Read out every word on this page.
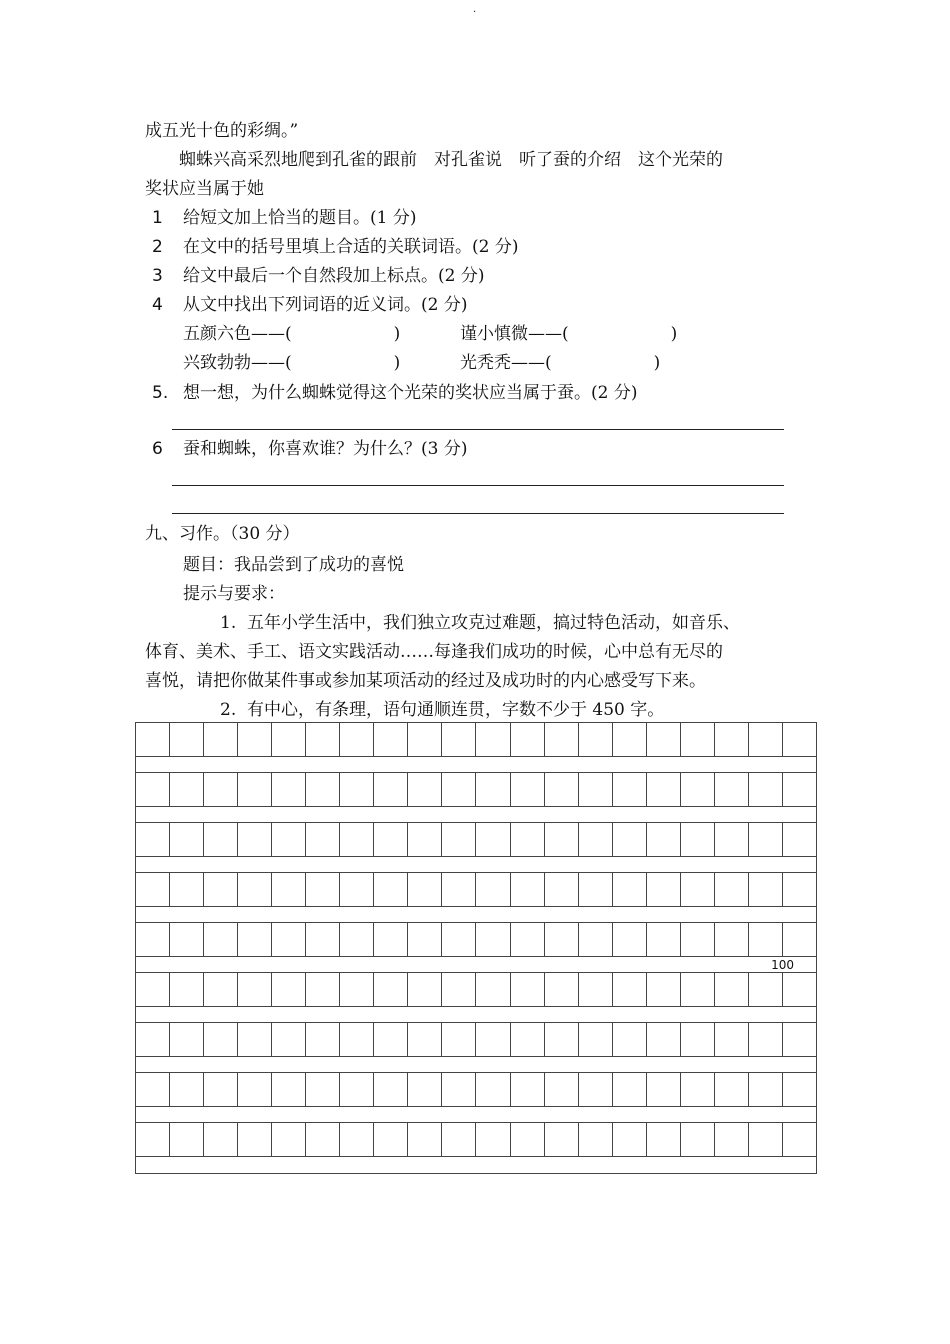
.
成五光十色的彩绸。”
　　蜘蛛兴高采烈地爬到孔雀的跟前　对孔雀说　听了蚕的介绍　这个光荣的
奖状应当属于她
1 给短文加上恰当的题目。(1 分)
2 在文中的括号里填上合适的关联词语。(2 分)
3 给文中最后一个自然段加上标点。(2 分)
4 从文中找出下列词语的近义词。(2 分)
五颜六色——(　　　　　　)	谨小慎微——(　　　　　　)
兴致勃勃——(　　　　　　)	光秃秃——(　　　　　　)
5. 想一想，为什么蜘蛛觉得这个光荣的奖状应当属于蚕。(2 分)
6 蚕和蜘蛛，你喜欢谁？为什么？(3 分)
九、习作。（30 分）
题目：我品尝到了成功的喜悦
提示与要求：
1.  五年小学生活中，我们独立攻克过难题，搞过特色活动，如音乐、
体育、美术、手工、语文实践活动……每逢我们成功的时候，心中总有无尽的
喜悦，请把你做某件事或参加某项活动的经过及成功时的内心感受写下来。
2.  有中心，有条理，语句通顺连贯，字数不少于 450 字。
100
